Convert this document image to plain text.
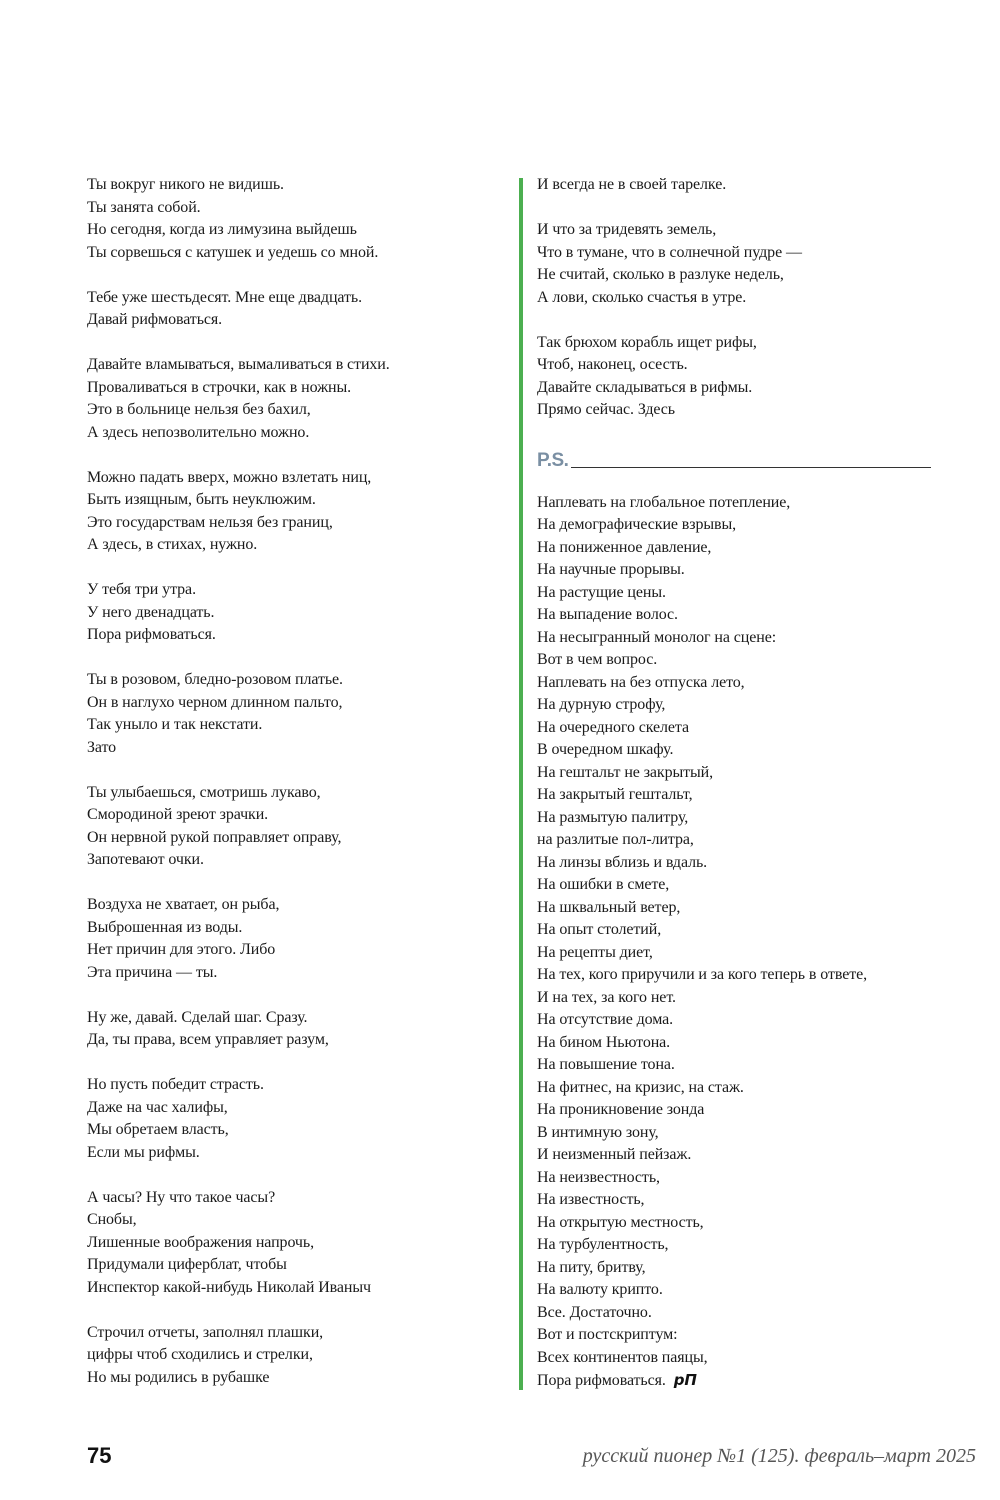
Ты вокруг никого не видишь.
Ты занята собой.
Но сегодня, когда из лимузина выйдешь
Ты сорвешься с катушек и уедешь со мной.
Тебе уже шестьдесят. Мне еще двадцать.
Давай рифмоваться.
Давайте вламываться, вымаливаться в стихи.
Проваливаться в строчки, как в ножны.
Это в больнице нельзя без бахил,
А здесь непозволительно можно.
Можно падать вверх, можно взлетать ниц,
Быть изящным, быть неуклюжим.
Это государствам нельзя без границ,
А здесь, в стихах, нужно.
У тебя три утра.
У него двенадцать.
Пора рифмоваться.
Ты в розовом, бледно-розовом платье.
Он в наглухо черном длинном пальто,
Так уныло и так некстати.
Зато
Ты улыбаешься, смотришь лукаво,
Смородиной зреют зрачки.
Он нервной рукой поправляет оправу,
Запотевают очки.
Воздуха не хватает, он рыба,
Выброшенная из воды.
Нет причин для этого. Либо
Эта причина — ты.
Ну же, давай. Сделай шаг. Сразу.
Да, ты права, всем управляет разум,
Но пусть победит страсть.
Даже на час халифы,
Мы обретаем власть,
Если мы рифмы.
А часы? Ну что такое часы?
Снобы,
Лишенные воображения напрочь,
Придумали циферблат, чтобы
Инспектор какой-нибудь Николай Иваныч
Строчил отчеты, заполнял плашки,
цифры чтоб сходились и стрелки,
Но мы родились в рубашке
И всегда не в своей тарелке.
И что за тридевять земель,
Что в тумане, что в солнечной пудре —
Не считай, сколько в разлуке недель,
А лови, сколько счастья в утре.
Так брюхом корабль ищет рифы,
Чтоб, наконец, осесть.
Давайте складываться в рифмы.
Прямо сейчас. Здесь
P.S.
Наплевать на глобальное потепление,
На демографические взрывы,
На пониженное давление,
На научные прорывы.
На растущие цены.
На выпадение волос.
На несыгранный монолог на сцене:
Вот в чем вопрос.
Наплевать на без отпуска лето,
На дурную строфу,
На очередного скелета
В очередном шкафу.
На гештальт не закрытый,
На закрытый гештальт,
На размытую палитру,
на разлитые пол-литра,
На линзы вблизь и вдаль.
На ошибки в смете,
На шквальный ветер,
На опыт столетий,
На рецепты диет,
На тех, кого приручили и за кого теперь в ответе,
И на тех, за кого нет.
На отсутствие дома.
На бином Ньютона.
На повышение тона.
На фитнес, на кризис, на стаж.
На проникновение зонда
В интимную зону,
И неизменный пейзаж.
На неизвестность,
На известность,
На открытую местность,
На турбулентность,
На питу, бритву,
На валюту крипто.
Все. Достаточно.
Вот и постскриптум:
Всех континентов паяцы,
Пора рифмоваться. рП
75	русский пионер №1 (125). февраль–март 2025
